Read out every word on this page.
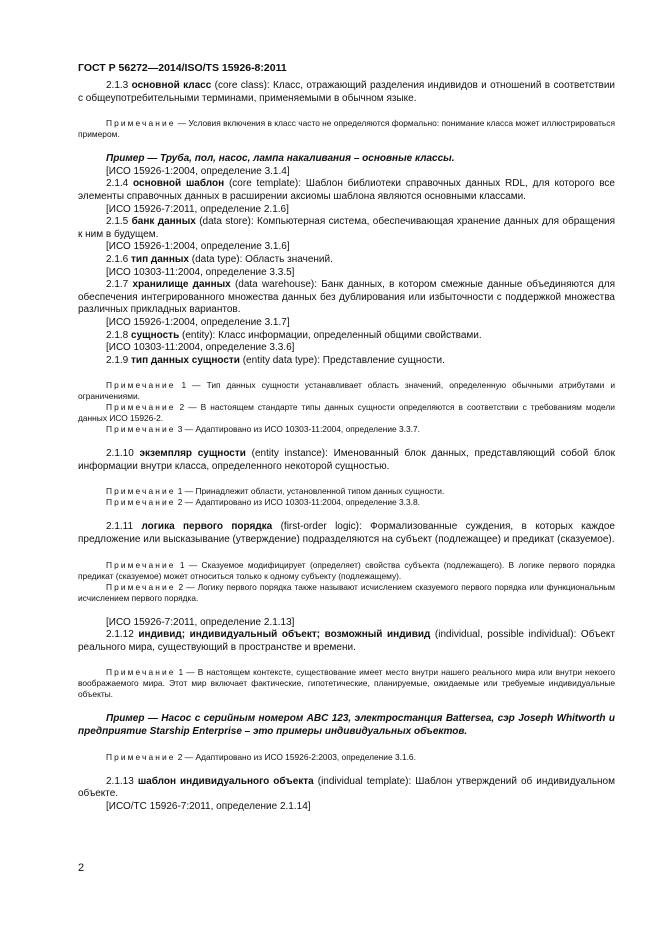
ГОСТ Р 56272—2014/ISO/TS 15926-8:2011

2.1.3 основной класс (core class): Класс, отражающий разделения индивидов и отношений в соответствии с общеупотребительными терминами, применяемыми в обычном языке.

Примечание — Условия включения в класс часто не определяются формально: понимание класса может иллюстрироваться примером.

Пример — Труба, пол, насос, лампа накаливания – основные классы.

[ИСО 15926-1:2004, определение 3.1.4]

2.1.4 основной шаблон (core template): Шаблон библиотеки справочных данных RDL, для которого все элементы справочных данных в расширении аксиомы шаблона являются основными классами.

[ИСО 15926-7:2011, определение 2.1.6]

2.1.5 банк данных (data store): Компьютерная система, обеспечивающая хранение данных для обращения к ним в будущем.

[ИСО 15926-1:2004, определение 3.1.6]

2.1.6 тип данных (data type): Область значений.

[ИСО 10303-11:2004, определение 3.3.5]

2.1.7 хранилище данных (data warehouse): Банк данных, в котором смежные данные объединяются для обеспечения интегрированного множества данных без дублирования или избыточности с поддержкой множества различных прикладных вариантов.

[ИСО 15926-1:2004, определение 3.1.7]

2.1.8 сущность (entity): Класс информации, определенный общими свойствами.

[ИСО 10303-11:2004, определение 3.3.6]

2.1.9 тип данных сущности (entity data type): Представление сущности.

Примечание 1 — Тип данных сущности устанавливает область значений, определенную обычными атрибутами и ограничениями.

Примечание 2 — В настоящем стандарте типы данных сущности определяются в соответствии с требованиям модели данных ИСО 15926-2.

Примечание 3 — Адаптировано из ИСО 10303-11:2004, определение 3.3.7.

2.1.10 экземпляр сущности (entity instance): Именованный блок данных, представляющий собой блок информации внутри класса, определенного некоторой сущностью.

Примечание 1 — Принадлежит области, установленной типом данных сущности.

Примечание 2 — Адаптировано из ИСО 10303-11:2004, определение 3.3.8.

2.1.11 логика первого порядка (first-order logic): Формализованные суждения, в которых каждое предложение или высказывание (утверждение) подразделяются на субъект (подлежащее) и предикат (сказуемое).

Примечание 1 — Сказуемое модифицирует (определяет) свойства субъекта (подлежащего). В логике первого порядка предикат (сказуемое) может относиться только к одному субъекту (подлежащему).

Примечание 2 — Логику первого порядка также называют исчислением сказуемого первого порядка или функциональным исчислением первого порядка.

[ИСО 15926-7:2011, определение 2.1.13]

2.1.12 индивид; индивидуальный объект; возможный индивид (individual, possible individual): Объект реального мира, существующий в пространстве и времени.

Примечание 1 — В настоящем контексте, существование имеет место внутри нашего реального мира или внутри некоего воображаемого мира. Этот мир включает фактические, гипотетические, планируемые, ожидаемые или требуемые индивидуальные объекты.

Пример — Насос с серийным номером ABC 123, электростанция Battersea, сэр Joseph Whitworth и предприятие Starship Enterprise – это примеры индивидуальных объектов.

Примечание 2 — Адаптировано из ИСО 15926-2:2003, определение 3.1.6.

2.1.13 шаблон индивидуального объекта (individual template): Шаблон утверждений об индивидуальном объекте.

[ИСО/ТС 15926-7:2011, определение 2.1.14]

2
